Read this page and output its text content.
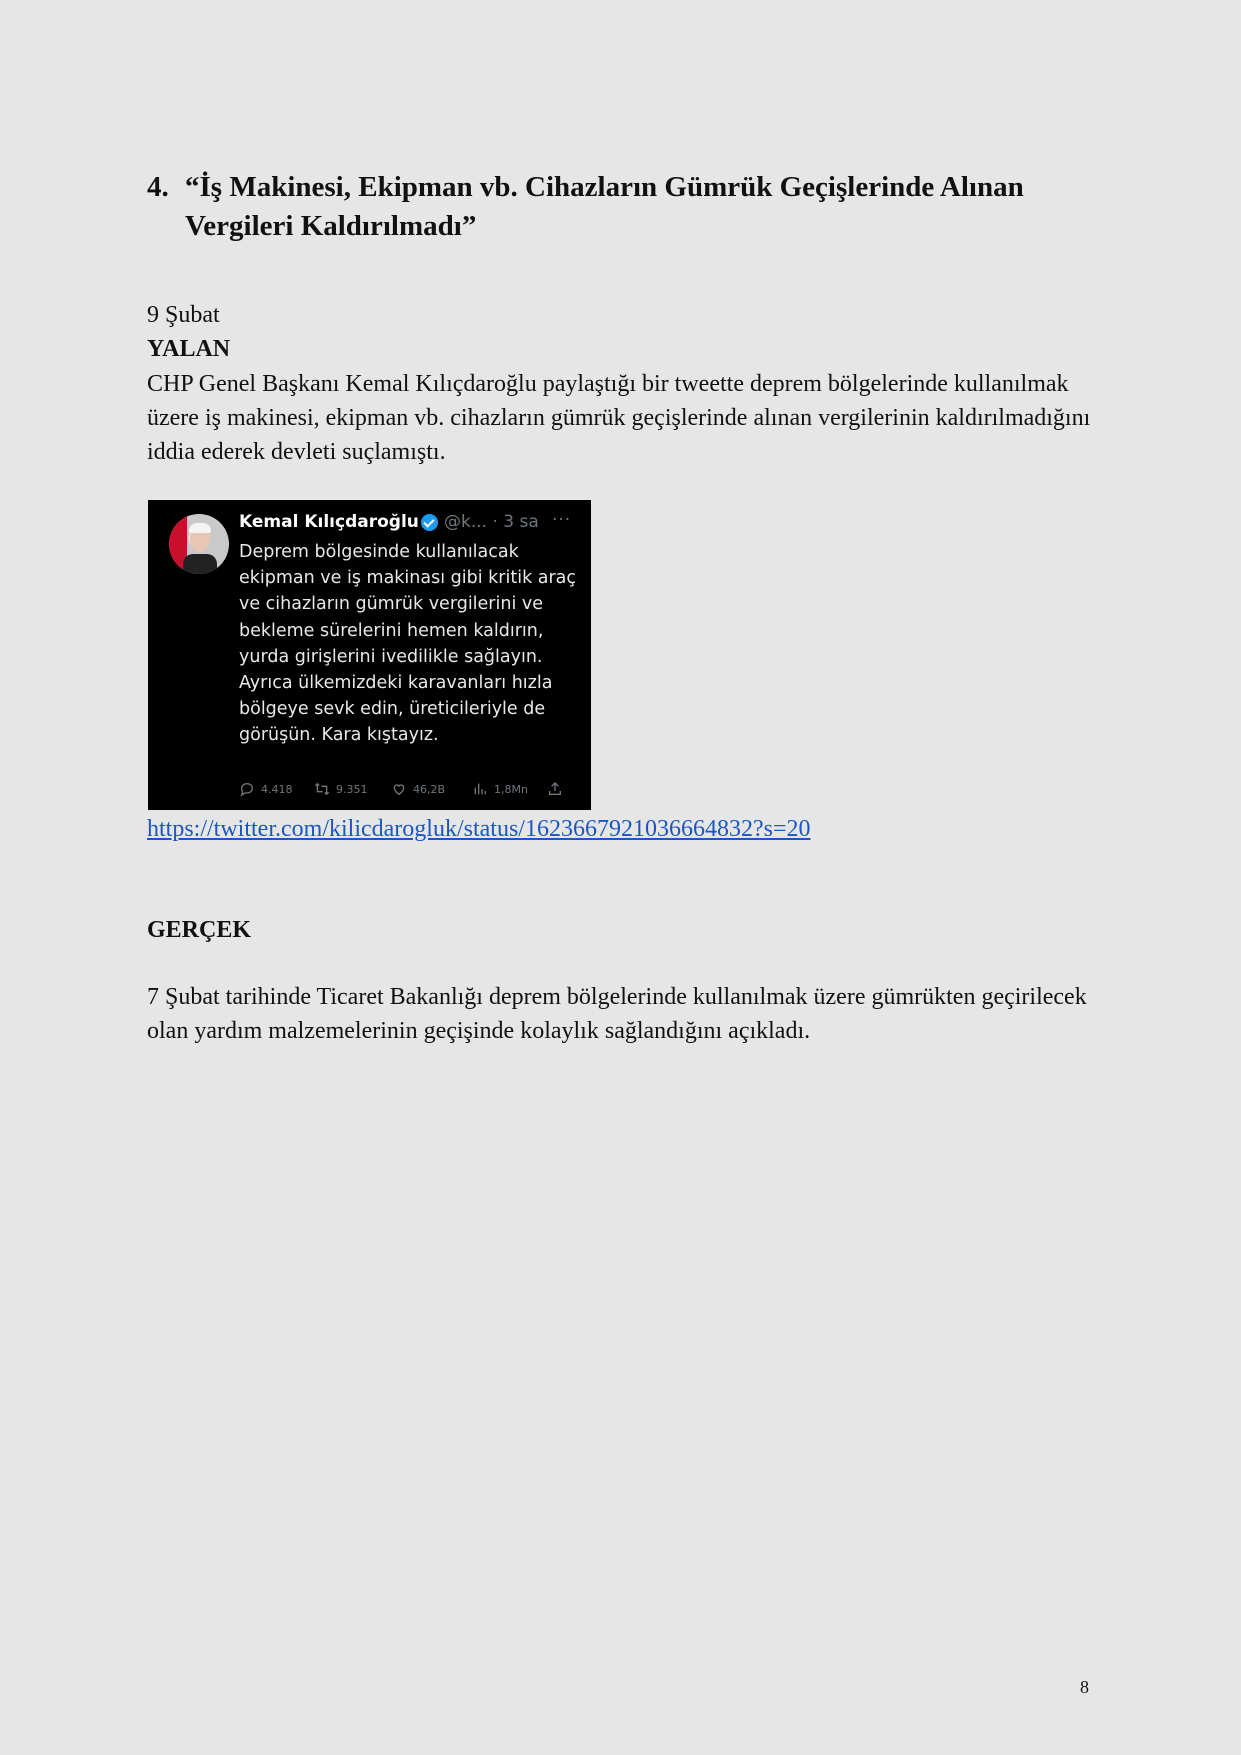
4. “İş Makinesi, Ekipman vb. Cihazların Gümrük Geçişlerinde Alınan Vergileri Kaldırılmadı”
9 Şubat
YALAN
CHP Genel Başkanı Kemal Kılıçdaroğlu paylaştığı bir tweette deprem bölgelerinde kullanılmak üzere iş makinesi, ekipman vb. cihazların gümrük geçişlerinde alınan vergilerinin kaldırılmadığını iddia ederek devleti suçlamıştı.
Kemal Kılıçdaroğlu @k... · 3 sa ···
Deprem bölgesinde kullanılacak ekipman ve iş makinası gibi kritik araç ve cihazların gümrük vergilerini ve bekleme sürelerini hemen kaldırın, yurda girişlerini ivedilikle sağlayın. Ayrıca ülkemizdeki karavanları hızla bölgeye sevk edin, üreticileriyle de görüşün. Kara kıştayız.
4.418	9.351	46,2B	1,8Mn
https://twitter.com/kilicdarogluk/status/1623667921036664832?s=20
GERÇEK
7 Şubat tarihinde Ticaret Bakanlığı deprem bölgelerinde kullanılmak üzere gümrükten geçirilecek olan yardım malzemelerinin geçişinde kolaylık sağlandığını açıkladı.
8
